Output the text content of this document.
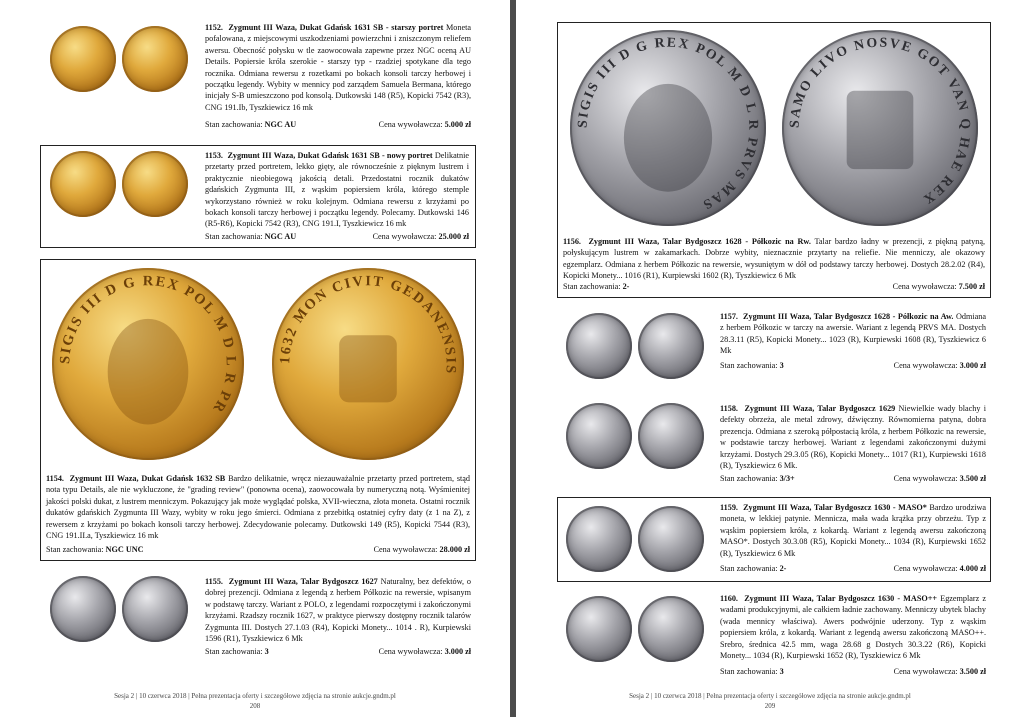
1152. Zygmunt III Waza, Dukat Gdańsk 1631 SB - starszy portret Moneta pofalowana, z miejscowymi uszkodzeniami powierzchni i zniszczonym reliefem awersu. Obecność połysku w tle zaowocowała zapewne przez NGC oceną AU Details. Popiersie króla szerokie - starszy typ - rzadziej spotykane dla tego rocznika. Odmiana rewersu z rozetkami po bokach konsoli tarczy herbowej i początku legendy. Wybity w mennicy pod zarządem Samuela Bermana, którego inicjały S-B umieszczono pod konsolą. Dutkowski 148 (R5), Kopicki 7542 (R3), CNG 191.Ib, Tyszkiewicz 16 mk
Stan zachowania: NGC AU	Cena wywoławcza: 5.000 zł
1153. Zygmunt III Waza, Dukat Gdańsk 1631 SB - nowy portret Delikatnie przetarty przed portretem, lekko gięty, ale równocześnie z pięknym lustrem i praktycznie nieobiegową jakością detali. Przedostatni rocznik dukatów gdańskich Zygmunta III, z wąskim popiersiem króla, którego stemple wykorzystano również w roku kolejnym. Odmiana rewersu z krzyżami po bokach konsoli tarczy herbowej i początku legendy. Polecamy. Dutkowski 146 (R5-R6), Kopicki 7542 (R3), CNG 191.I, Tyszkiewicz 16 mk
Stan zachowania: NGC AU	Cena wywoławcza: 25.000 zł
SIGIS III D G REX POL M D L R PR
1632 MON CIVIT GEDANENSIS
1154. Zygmunt III Waza, Dukat Gdańsk 1632 SB Bardzo delikatnie, wręcz niezauważalnie przetarty przed portretem, stąd nota typu Details, ale nie wykluczone, że "grading review" (ponowna ocena), zaowocowała by numeryczną notą. Wyśmienitej jakości polski dukat, z lustrem menniczym. Pokazujący jak może wyglądać polska, XVII-wieczna, złota moneta. Ostatni rocznik dukatów gdańskich Zygmunta III Wazy, wybity w roku jego śmierci. Odmiana z przebitką ostatniej cyfry daty (z 1 na Z), z rewersem z krzyżami po bokach konsoli tarczy herbowej. Zdecydowanie polecamy. Dutkowski 149 (R5), Kopicki 7544 (R3), CNG 191.II.a, Tyszkiewicz 16 mk
Stan zachowania: NGC UNC	Cena wywoławcza: 28.000 zł
1155. Zygmunt III Waza, Talar Bydgoszcz 1627 Naturalny, bez defektów, o dobrej prezencji. Odmiana z legendą z herbem Półkozic na rewersie, wpisanym w podstawę tarczy. Wariant z POLO, z legendami rozpoczętymi i zakończonymi krzyżami. Rzadszy rocznik 1627, w praktyce pierwszy dostępny rocznik talarów Zygmunta III. Dostych 27.1.03 (R4), Kopicki Monety... 1014 . R), Kurpiewski 1596 (R1), Tyszkiewicz 6 Mk
Stan zachowania: 3	Cena wywoławcza: 3.000 zł
Sesja 2 | 10 czerwca 2018 | Pełna prezentacja oferty i szczegółowe zdjęcia na stronie aukcje.gndm.pl
208
SIGIS III D G REX POL M D L R PRVS MAS
SAMO LIVO NOSVE GOT VAN Q HAE REX
1156. Zygmunt III Waza, Talar Bydgoszcz 1628 - Półkozic na Rw. Talar bardzo ładny w prezencji, z piękną patyną, połyskującym lustrem w zakamarkach. Dobrze wybity, nieznacznie przytarty na reliefie. Nie menniczy, ale okazowy egzemplarz. Odmiana z herbem Półkozic na rewersie, wysuniętym w dół od podstawy tarczy herbowej. Dostych 28.2.02 (R4), Kopicki Monety... 1016 (R1), Kurpiewski 1602 (R), Tyszkiewicz 6 Mk
Stan zachowania: 2-	Cena wywoławcza: 7.500 zł
1157. Zygmunt III Waza, Talar Bydgoszcz 1628 - Półkozic na Aw. Odmiana z herbem Półkozic w tarczy na awersie. Wariant z legendą PRVS MA. Dostych 28.3.11 (R5), Kopicki Monety... 1023 (R), Kurpiewski 1608 (R), Tyszkiewicz 6 Mk
Stan zachowania: 3	Cena wywoławcza: 3.000 zł
1158. Zygmunt III Waza, Talar Bydgoszcz 1629 Niewielkie wady blachy i defekty obrzeża, ale metal zdrowy, dźwięczny. Równomierna patyna, dobra prezencja. Odmiana z szeroką półpostacią króla, z herbem Półkozic na rewersie, w podstawie tarczy herbowej. Wariant z legendami zakończonymi dużymi krzyżami. Dostych 29.3.05 (R6), Kopicki Monety... 1017 (R1), Kurpiewski 1618 (R), Tyszkiewicz 6 Mk.
Stan zachowania: 3/3+	Cena wywoławcza: 3.500 zł
1159. Zygmunt III Waza, Talar Bydgoszcz 1630 - MASO* Bardzo urodziwa moneta, w lekkiej patynie. Mennicza, mała wada krążka przy obrzeżu. Typ z wąskim popiersiem króla, z kokardą. Wariant z legendą awersu zakończoną MASO*. Dostych 30.3.08 (R5), Kopicki Monety... 1034 (R), Kurpiewski 1652 (R), Tyszkiewicz 6 Mk
Stan zachowania: 2-	Cena wywoławcza: 4.000 zł
1160. Zygmunt III Waza, Talar Bydgoszcz 1630 - MASO++ Egzemplarz z wadami produkcyjnymi, ale całkiem ładnie zachowany. Menniczy ubytek blachy (wada mennicy właściwa). Awers podwójnie uderzony. Typ z wąskim popiersiem króla, z kokardą. Wariant z legendą awersu zakończoną MASO++. Srebro, średnica 42.5 mm, waga 28.68 g Dostych 30.3.22 (R6), Kopicki Monety... 1034 (R), Kurpiewski 1652 (R), Tyszkiewicz 6 Mk
Stan zachowania: 3	Cena wywoławcza: 3.500 zł
Sesja 2 | 10 czerwca 2018 | Pełna prezentacja oferty i szczegółowe zdjęcia na stronie aukcje.gndm.pl
209
